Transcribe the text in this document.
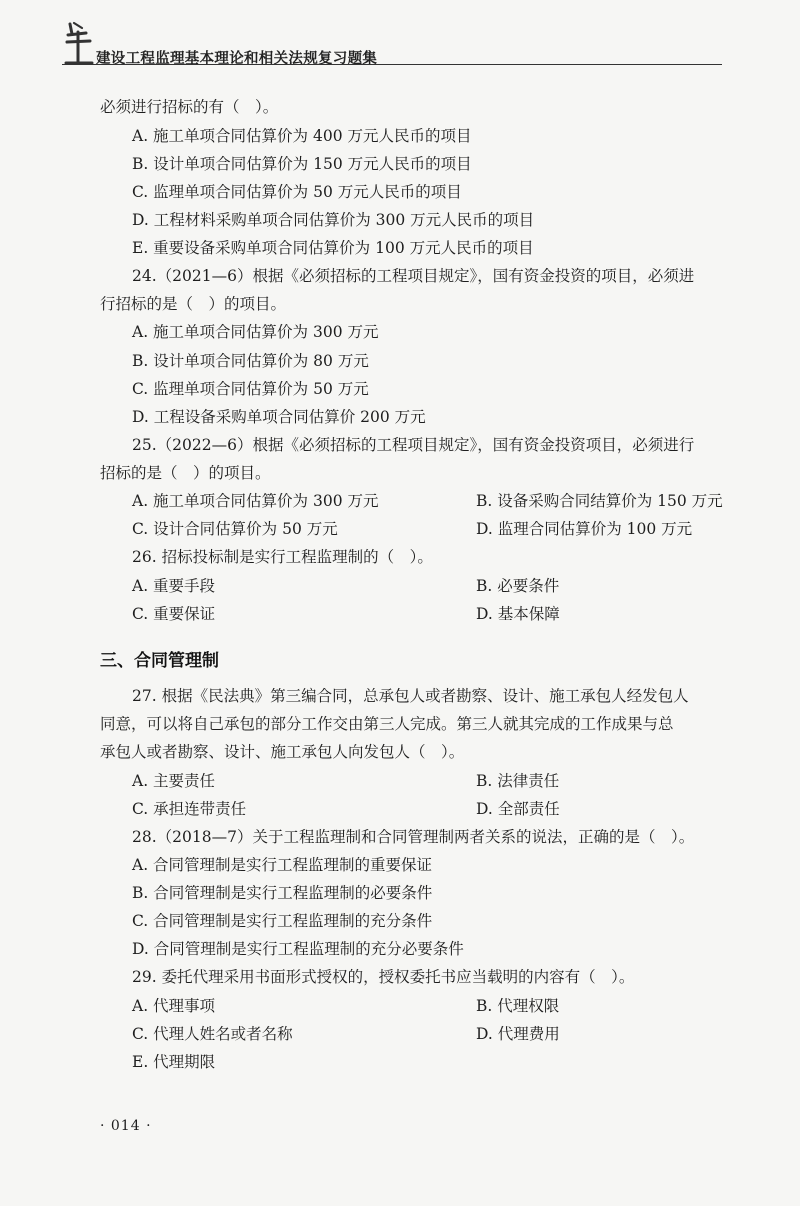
建设工程监理基本理论和相关法规复习题集
必须进行招标的有（　）。
A. 施工单项合同估算价为 400 万元人民币的项目
B. 设计单项合同估算价为 150 万元人民币的项目
C. 监理单项合同估算价为 50 万元人民币的项目
D. 工程材料采购单项合同估算价为 300 万元人民币的项目
E. 重要设备采购单项合同估算价为 100 万元人民币的项目
24.（2021—6）根据《必须招标的工程项目规定》，国有资金投资的项目，必须进
行招标的是（　）的项目。
A. 施工单项合同估算价为 300 万元
B. 设计单项合同估算价为 80 万元
C. 监理单项合同估算价为 50 万元
D. 工程设备采购单项合同估算价 200 万元
25.（2022—6）根据《必须招标的工程项目规定》，国有资金投资项目，必须进行
招标的是（　）的项目。
A. 施工单项合同估算价为 300 万元	B. 设备采购合同结算价为 150 万元
C. 设计合同估算价为 50 万元	D. 监理合同估算价为 100 万元
26. 招标投标制是实行工程监理制的（　）。
A. 重要手段	B. 必要条件
C. 重要保证	D. 基本保障
三、合同管理制
27. 根据《民法典》第三编合同，总承包人或者勘察、设计、施工承包人经发包人
同意，可以将自己承包的部分工作交由第三人完成。第三人就其完成的工作成果与总
承包人或者勘察、设计、施工承包人向发包人（　）。
A. 主要责任	B. 法律责任
C. 承担连带责任	D. 全部责任
28.（2018—7）关于工程监理制和合同管理制两者关系的说法，正确的是（　）。
A. 合同管理制是实行工程监理制的重要保证
B. 合同管理制是实行工程监理制的必要条件
C. 合同管理制是实行工程监理制的充分条件
D. 合同管理制是实行工程监理制的充分必要条件
29. 委托代理采用书面形式授权的，授权委托书应当载明的内容有（　）。
A. 代理事项	B. 代理权限
C. 代理人姓名或者名称	D. 代理费用
E. 代理期限
· 014 ·
